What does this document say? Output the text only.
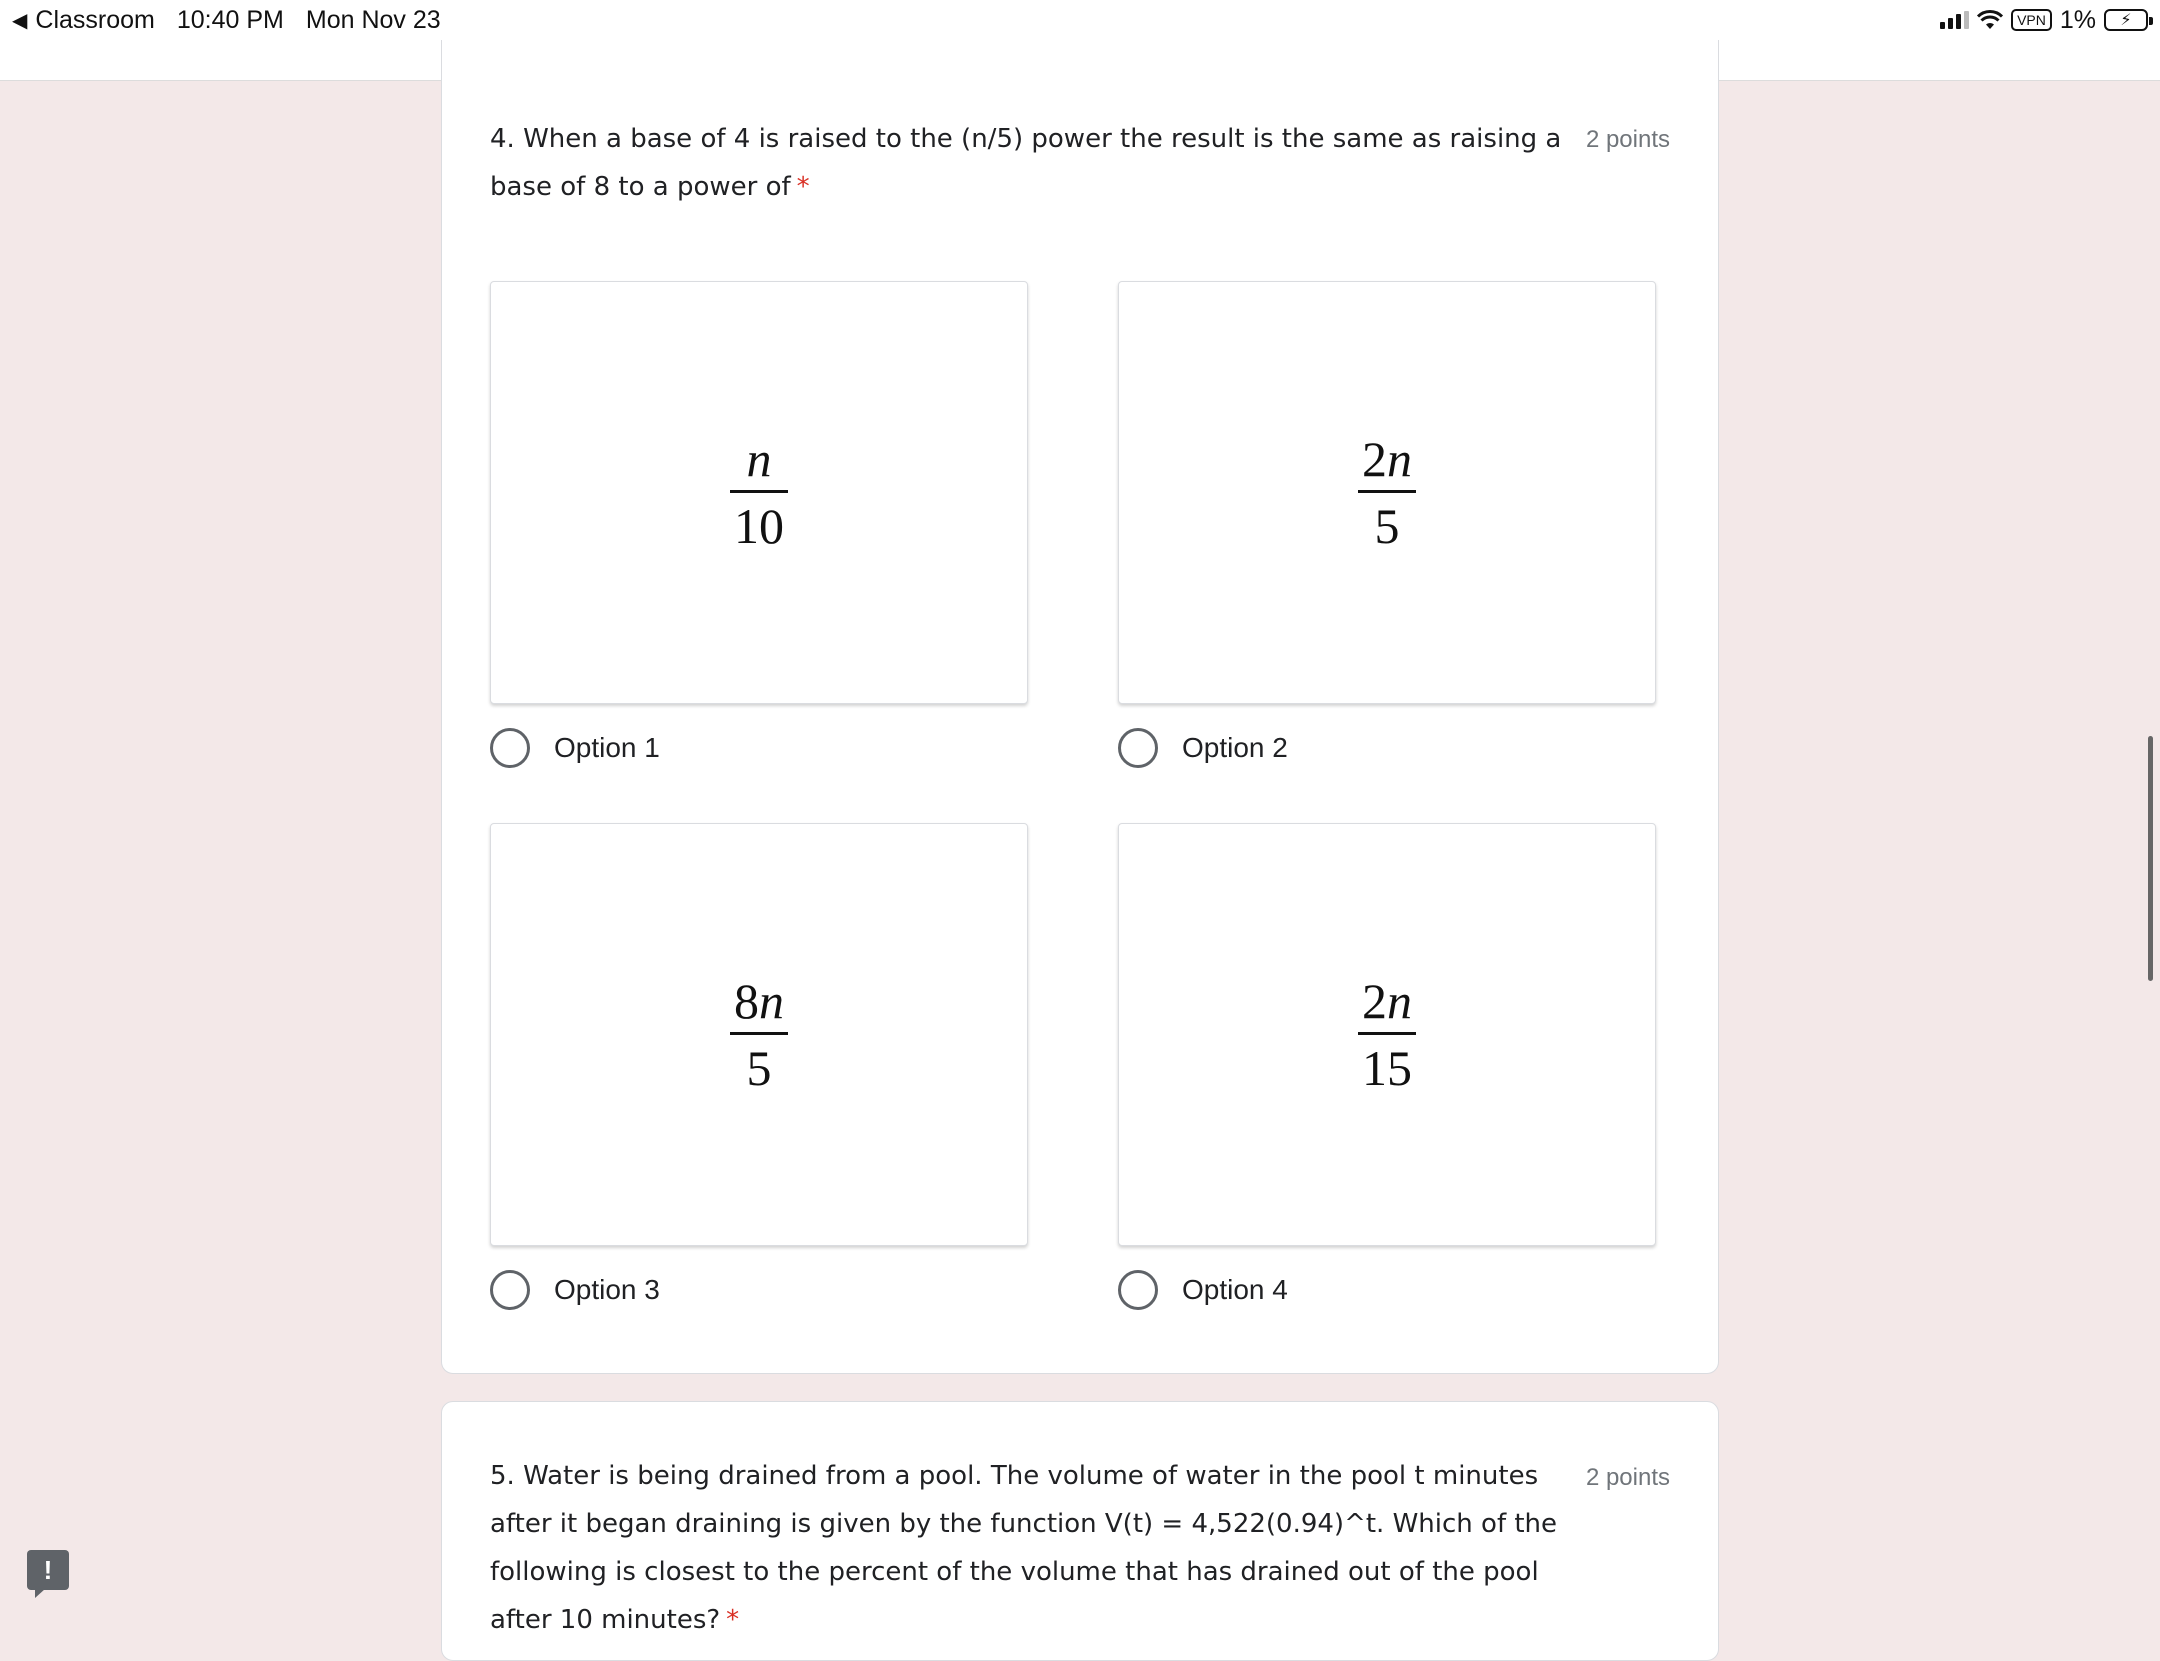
◀ Classroom 10:40 PM Mon Nov 23	VPN 1%	⚡
4. When a base of 4 is raised to the (n/5) power the result is the same as raising a base of 8 to a power of *
2 points
$\frac{n}{10}$
Option 1
$\frac{2n}{5}$
Option 2
$\frac{8n}{5}$
Option 3
$\frac{2n}{15}$
Option 4
5. Water is being drained from a pool. The volume of water in the pool t minutes after it began draining is given by the function V(t) = 4,522(0.94)^t. Which of the following is closest to the percent of the volume that has drained out of the pool after 10 minutes? *
2 points
!
